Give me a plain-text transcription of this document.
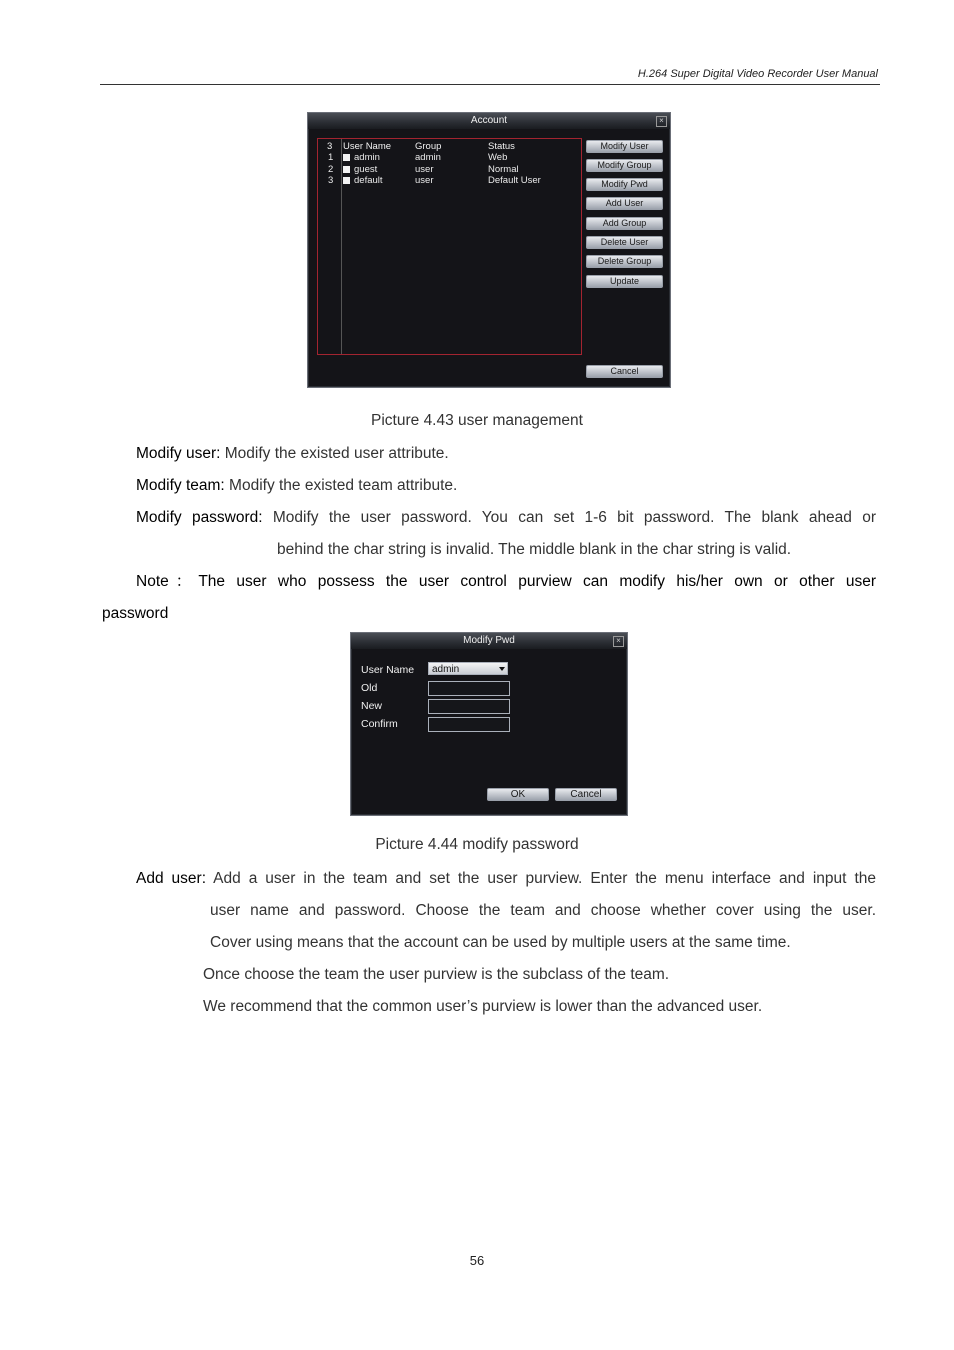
H.264 Super Digital Video Recorder User Manual
Account	×
3 User Name	Group	Status
1 admin	admin	Web
2 guest	user	Normal
3 default	user	Default User
Modify User
Modify Group
Modify Pwd
Add User
Add Group
Delete User
Delete Group
Update
Cancel
Picture 4.43 user management
Modify user: Modify the existed user attribute.
Modify team: Modify the existed team attribute.
Modify password: Modify the user password. You can set 1-6 bit password. The blank ahead or
behind the char string is invalid. The middle blank in the char string is valid.
Note：The user who possess the user control purview can modify his/her own or other user
password
Modify Pwd	×
User Name	admin
Old
New
Confirm
OK	Cancel
Picture 4.44 modify password
Add user: Add a user in the team and set the user purview. Enter the menu interface and input the
user name and password. Choose the team and choose whether cover using the user.
Cover using means that the account can be used by multiple users at the same time.
Once choose the team the user purview is the subclass of the team.
We recommend that the common user’s purview is lower than the advanced user.
56
